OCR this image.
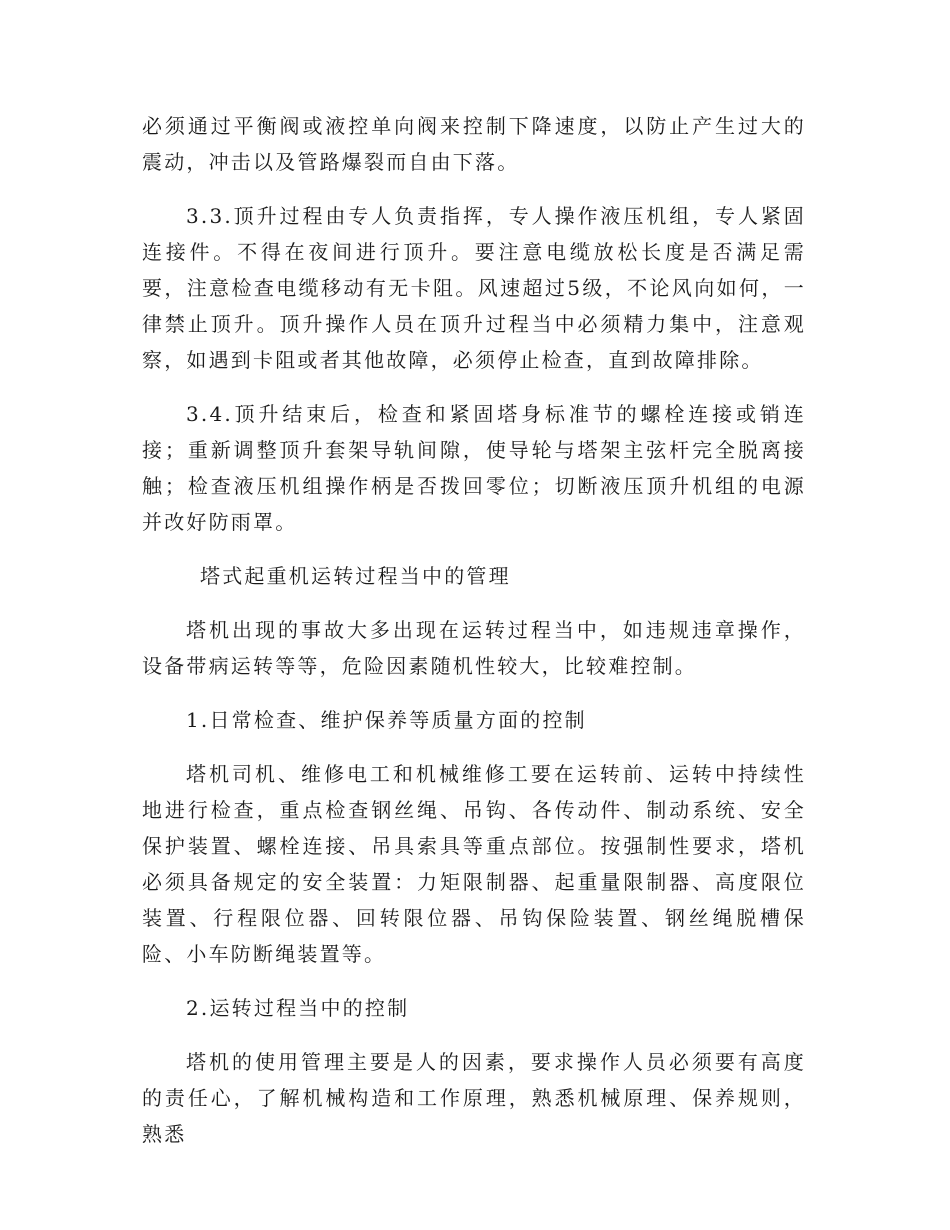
必须通过平衡阀或液控单向阀来控制下降速度，以防止产生过大的震动，冲击以及管路爆裂而自由下落。

3.3.顶升过程由专人负责指挥，专人操作液压机组，专人紧固连接件。不得在夜间进行顶升。要注意电缆放松长度是否满足需要，注意检查电缆移动有无卡阻。风速超过5级，不论风向如何，一律禁止顶升。顶升操作人员在顶升过程当中必须精力集中，注意观察，如遇到卡阻或者其他故障，必须停止检查，直到故障排除。

3.4.顶升结束后，检查和紧固塔身标准节的螺栓连接或销连接；重新调整顶升套架导轨间隙，使导轮与塔架主弦杆完全脱离接触；检查液压机组操作柄是否拨回零位；切断液压顶升机组的电源并改好防雨罩。

塔式起重机运转过程当中的管理

塔机出现的事故大多出现在运转过程当中，如违规违章操作，设备带病运转等等，危险因素随机性较大，比较难控制。

1.日常检查、维护保养等质量方面的控制

塔机司机、维修电工和机械维修工要在运转前、运转中持续性地进行检查，重点检查钢丝绳、吊钩、各传动件、制动系统、安全保护装置、螺栓连接、吊具索具等重点部位。按强制性要求，塔机必须具备规定的安全装置：力矩限制器、起重量限制器、高度限位装置、行程限位器、回转限位器、吊钩保险装置、钢丝绳脱槽保险、小车防断绳装置等。

2.运转过程当中的控制

塔机的使用管理主要是人的因素，要求操作人员必须要有高度的责任心，了解机械构造和工作原理，熟悉机械原理、保养规则，熟悉
